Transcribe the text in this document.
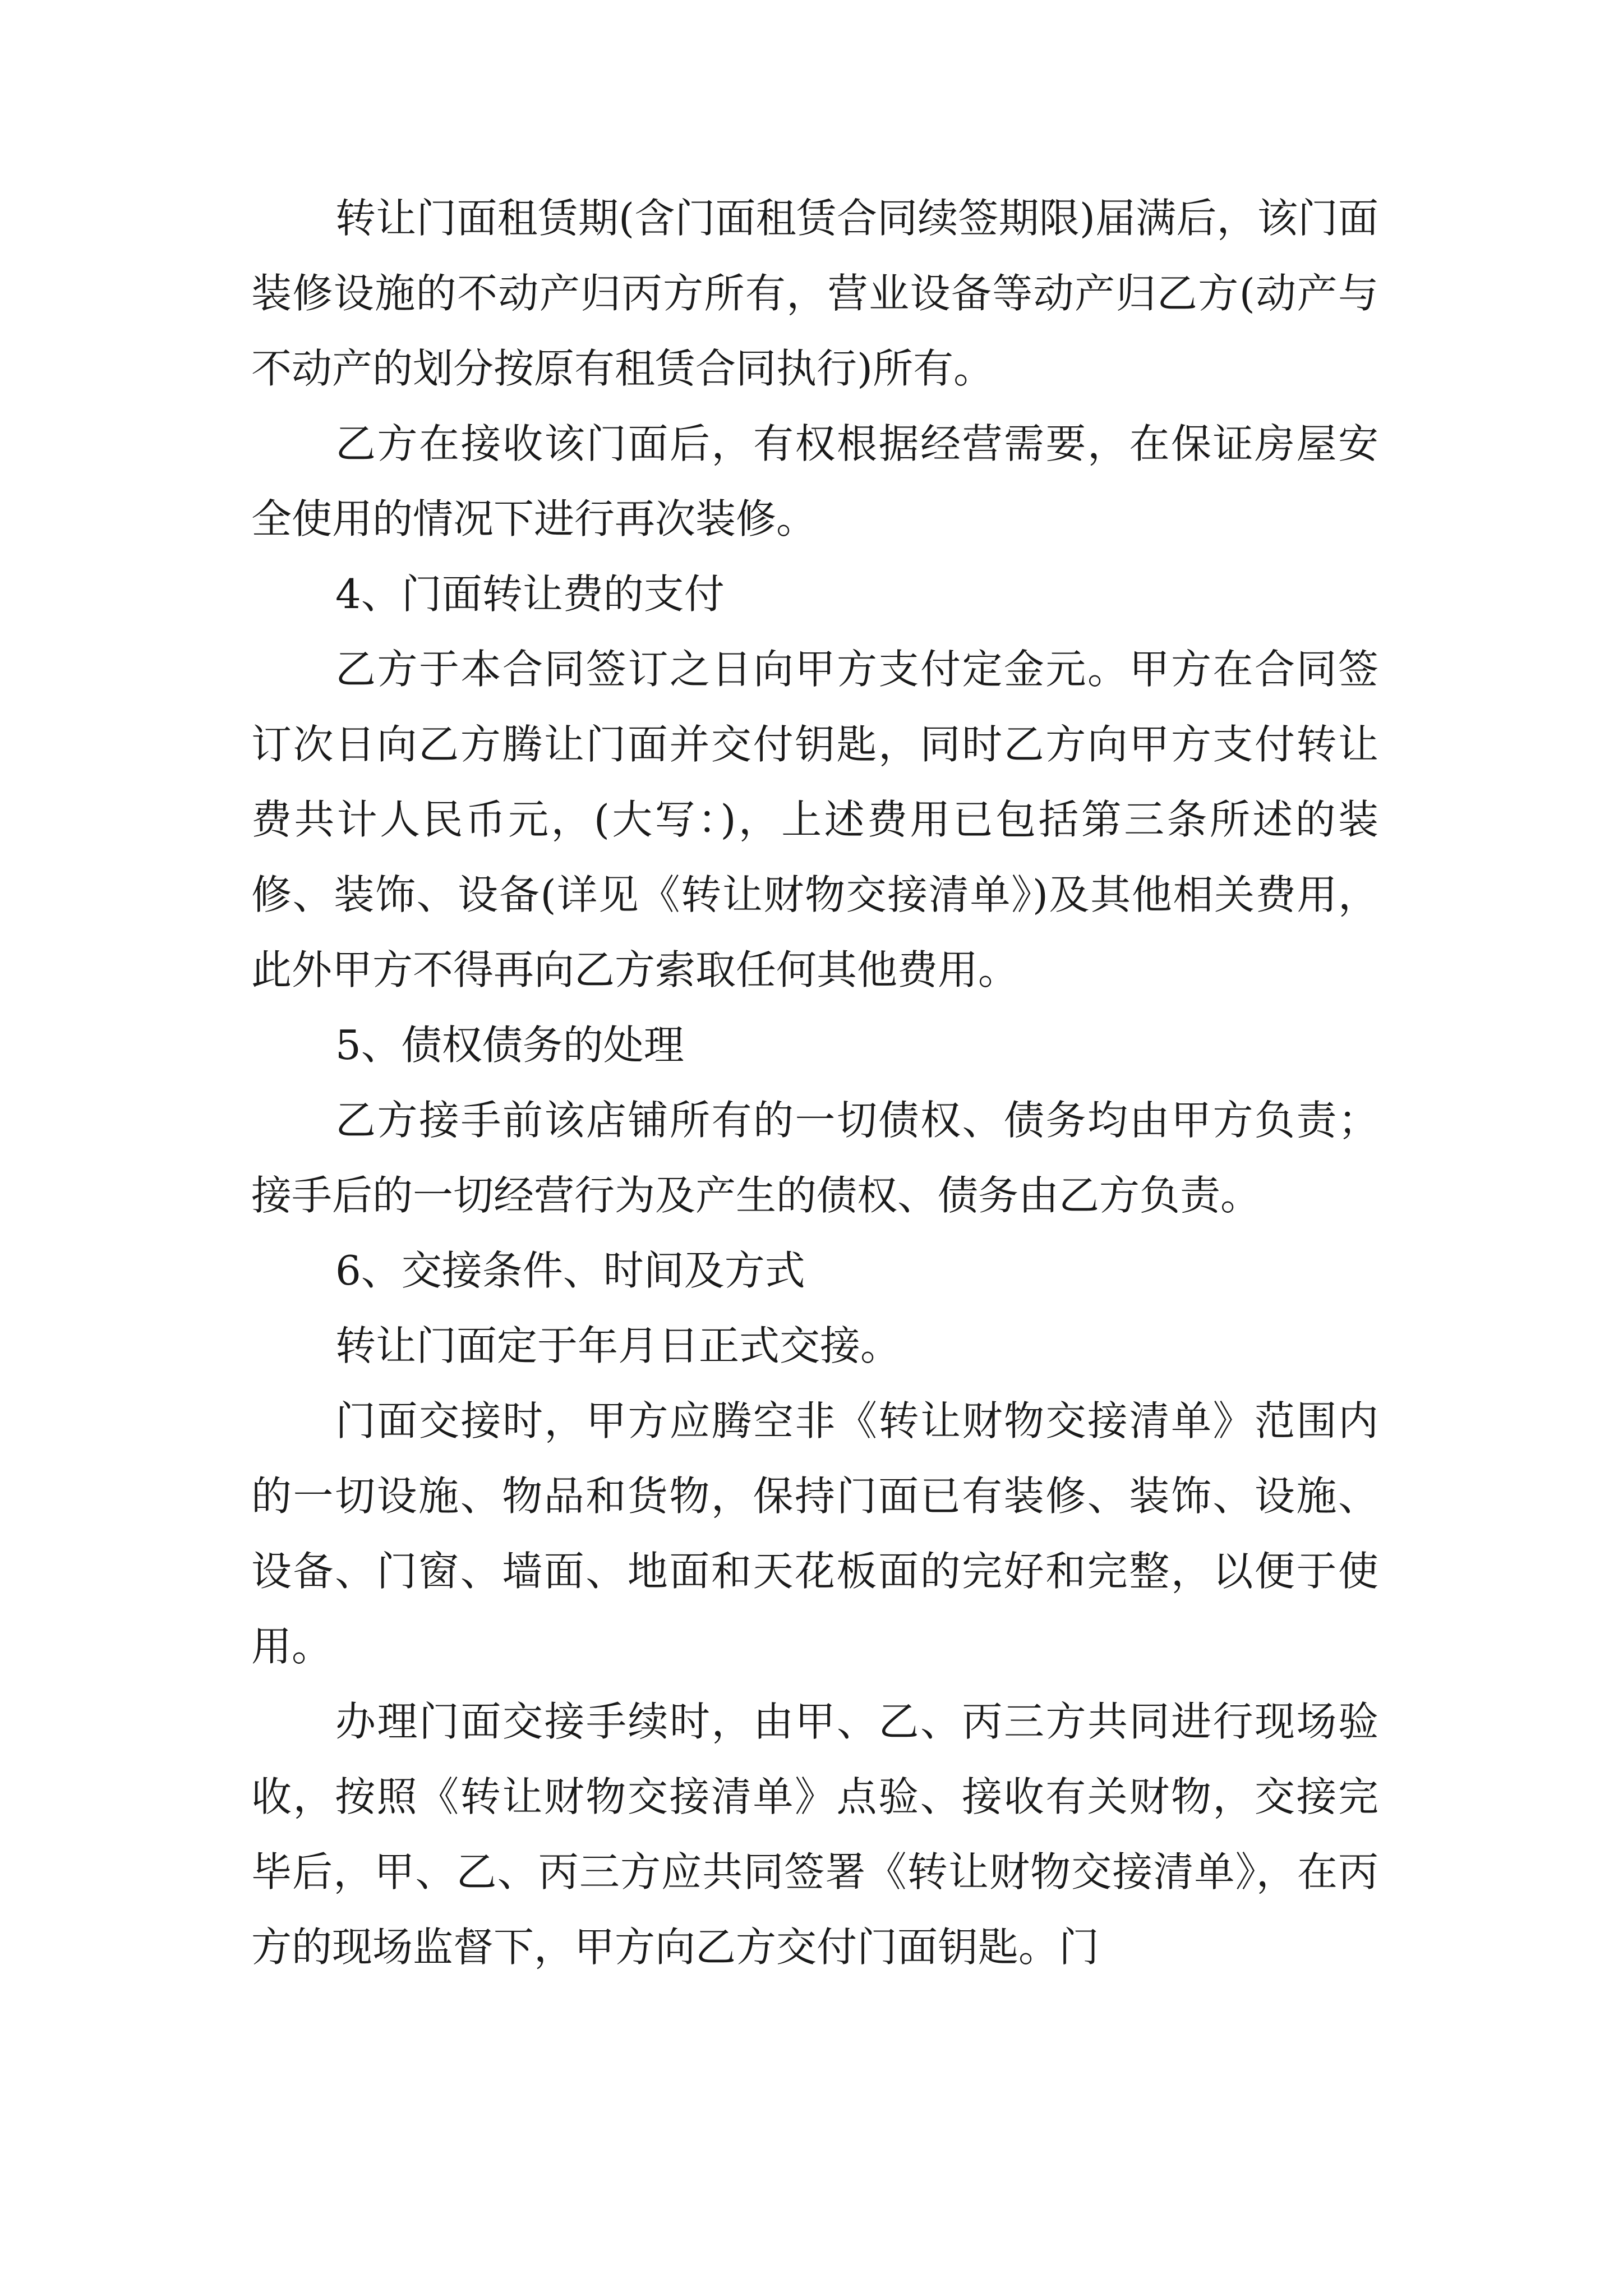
转让门面租赁期(含门面租赁合同续签期限)届满后，该门面装修设施的不动产归丙方所有，营业设备等动产归乙方(动产与不动产的划分按原有租赁合同执行)所有。

乙方在接收该门面后，有权根据经营需要，在保证房屋安全使用的情况下进行再次装修。

4、门面转让费的支付

乙方于本合同签订之日向甲方支付定金元。甲方在合同签订次日向乙方腾让门面并交付钥匙，同时乙方向甲方支付转让费共计人民币元，(大写：)，上述费用已包括第三条所述的装修、装饰、设备(详见《转让财物交接清单》)及其他相关费用，此外甲方不得再向乙方索取任何其他费用。

5、债权债务的处理

乙方接手前该店铺所有的一切债权、债务均由甲方负责；接手后的一切经营行为及产生的债权、债务由乙方负责。

6、交接条件、时间及方式

转让门面定于年月日正式交接。

门面交接时，甲方应腾空非《转让财物交接清单》范围内的一切设施、物品和货物，保持门面已有装修、装饰、设施、设备、门窗、墙面、地面和天花板面的完好和完整，以便于使用。

办理门面交接手续时，由甲、乙、丙三方共同进行现场验收，按照《转让财物交接清单》点验、接收有关财物，交接完毕后，甲、乙、丙三方应共同签署《转让财物交接清单》，在丙方的现场监督下，甲方向乙方交付门面钥匙。门
